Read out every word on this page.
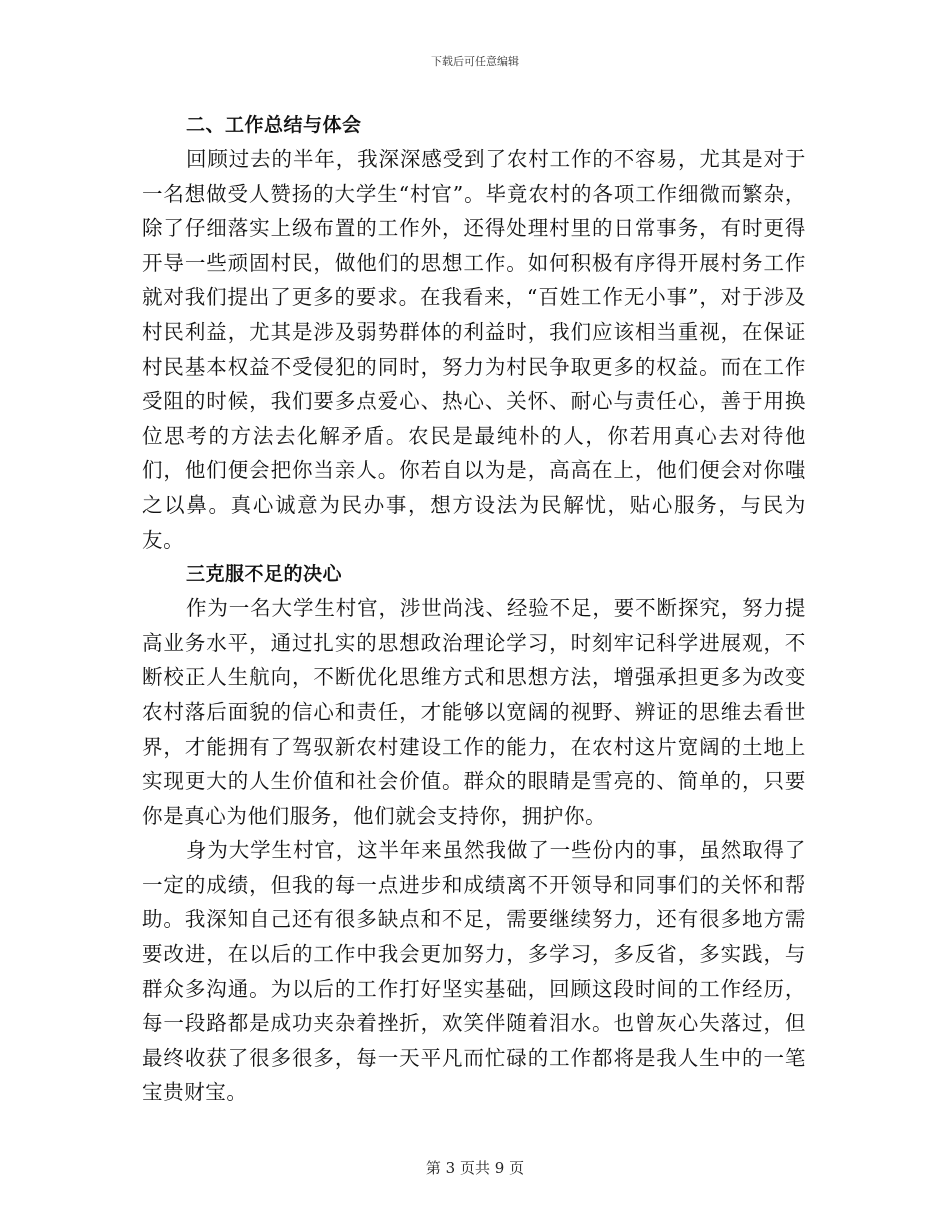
下载后可任意编辑
二、工作总结与体会

回顾过去的半年，我深深感受到了农村工作的不容易，尤其是对于一名想做受人赞扬的大学生“村官”。毕竟农村的各项工作细微而繁杂，除了仔细落实上级布置的工作外，还得处理村里的日常事务，有时更得开导一些顽固村民，做他们的思想工作。如何积极有序得开展村务工作就对我们提出了更多的要求。在我看来，“百姓工作无小事”，对于涉及村民利益，尤其是涉及弱势群体的利益时，我们应该相当重视，在保证村民基本权益不受侵犯的同时，努力为村民争取更多的权益。而在工作受阻的时候，我们要多点爱心、热心、关怀、耐心与责任心，善于用换位思考的方法去化解矛盾。农民是最纯朴的人，你若用真心去对待他们，他们便会把你当亲人。你若自以为是，高高在上，他们便会对你嗤之以鼻。真心诚意为民办事，想方设法为民解忧，贴心服务，与民为友。

三克服不足的决心

作为一名大学生村官，涉世尚浅、经验不足，要不断探究，努力提高业务水平，通过扎实的思想政治理论学习，时刻牢记科学进展观，不断校正人生航向，不断优化思维方式和思想方法，增强承担更多为改变农村落后面貌的信心和责任，才能够以宽阔的视野、辨证的思维去看世界，才能拥有了驾驭新农村建设工作的能力，在农村这片宽阔的土地上实现更大的人生价值和社会价值。群众的眼睛是雪亮的、简单的，只要你是真心为他们服务，他们就会支持你，拥护你。

身为大学生村官，这半年来虽然我做了一些份内的事，虽然取得了一定的成绩，但我的每一点进步和成绩离不开领导和同事们的关怀和帮助。我深知自己还有很多缺点和不足，需要继续努力，还有很多地方需要改进，在以后的工作中我会更加努力，多学习，多反省，多实践，与群众多沟通。为以后的工作打好坚实基础，回顾这段时间的工作经历，每一段路都是成功夹杂着挫折，欢笑伴随着泪水。也曾灰心失落过，但最终收获了很多很多，每一天平凡而忙碌的工作都将是我人生中的一笔宝贵财宝。

第 3 页共 9 页
